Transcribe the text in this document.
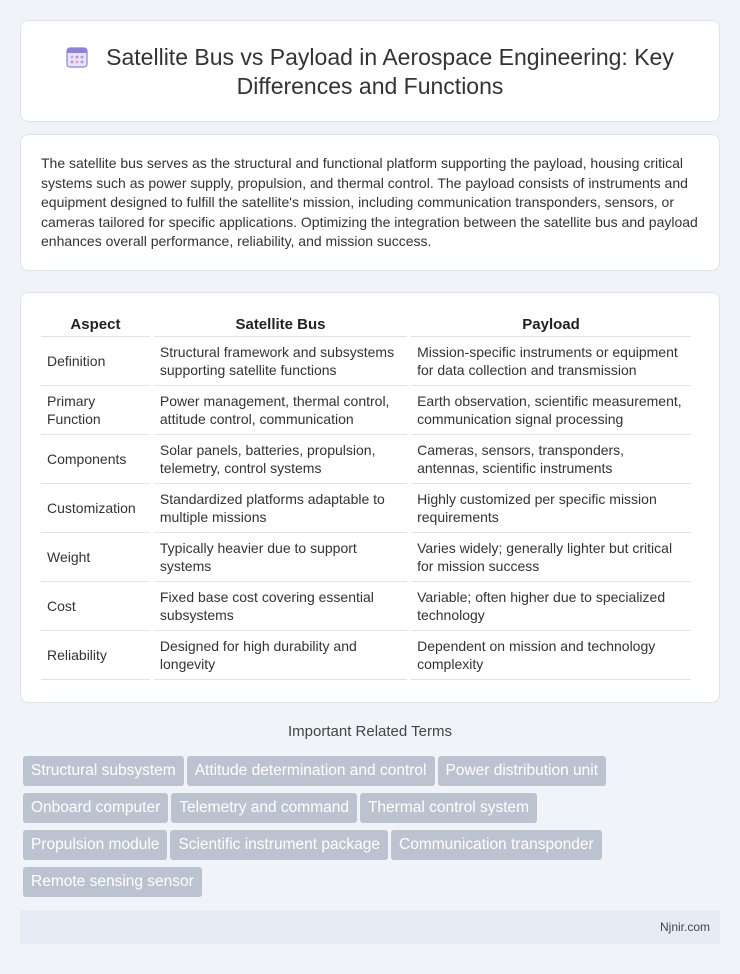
Satellite Bus vs Payload in Aerospace Engineering: Key Differences and Functions

The satellite bus serves as the structural and functional platform supporting the payload, housing critical systems such as power supply, propulsion, and thermal control. The payload consists of instruments and equipment designed to fulfill the satellite's mission, including communication transponders, sensors, or cameras tailored for specific applications. Optimizing the integration between the satellite bus and payload enhances overall performance, reliability, and mission success.

Aspect	Satellite Bus	Payload
Definition	Structural framework and subsystems supporting satellite functions	Mission-specific instruments or equipment for data collection and transmission
Primary Function	Power management, thermal control, attitude control, communication	Earth observation, scientific measurement, communication signal processing
Components	Solar panels, batteries, propulsion, telemetry, control systems	Cameras, sensors, transponders, antennas, scientific instruments
Customization	Standardized platforms adaptable to multiple missions	Highly customized per specific mission requirements
Weight	Typically heavier due to support systems	Varies widely; generally lighter but critical for mission success
Cost	Fixed base cost covering essential subsystems	Variable; often higher due to specialized technology
Reliability	Designed for high durability and longevity	Dependent on mission and technology complexity
Important Related Terms
Structural subsystem Attitude determination and control Power distribution unit
Onboard computer Telemetry and command Thermal control system
Propulsion module Scientific instrument package Communication transponder
Remote sensing sensor
Njnir.com
